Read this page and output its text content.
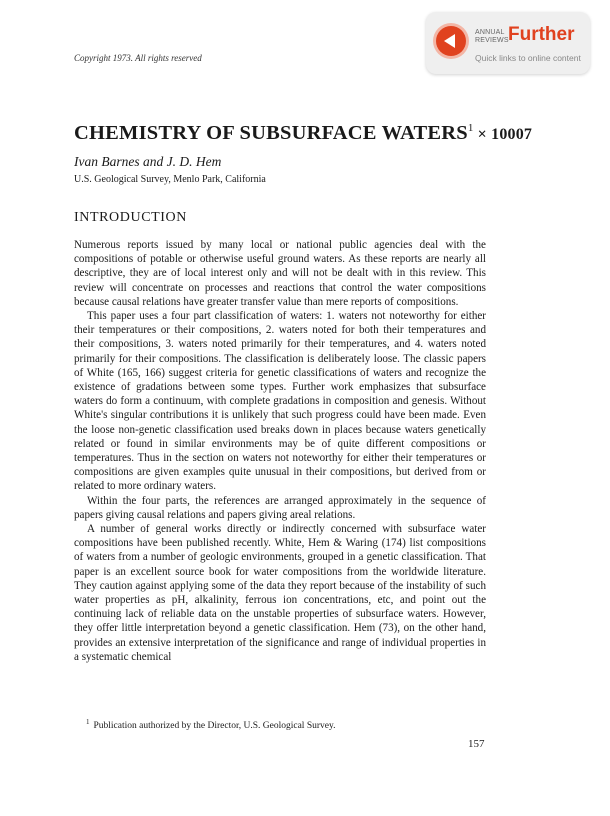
Copyright 1973. All rights reserved
ANNUAL
REVIEWS Further
Quick links to online content
CHEMISTRY OF SUBSURFACE $WATERS^1 \times 10007$
Ivan Barnes and J. D. Hem
U.S. Geological Survey, Menlo Park, California
INTRODUCTION

Numerous reports issued by many local or national public agencies deal with the compositions of potable or otherwise useful ground waters. As these reports are nearly all descriptive, they are of local interest only and will not be dealt with in this review. This review will concentrate on processes and reactions that control the water compositions because causal relations have greater transfer value than mere reports of compositions.

This paper uses a four part classification of waters: 1. waters not noteworthy for either their temperatures or their compositions, 2. waters noted for both their temperatures and their compositions, 3. waters noted primarily for their temperatures, and 4. waters noted primarily for their compositions. The classification is deliberately loose. The classic papers of White (165, 166) suggest criteria for genetic classifications of waters and recognize the existence of gradations between some types. Further work emphasizes that subsurface waters do form a continuum, with complete gradations in composition and genesis. Without White's singular contributions it is unlikely that such progress could have been made. Even the loose non-genetic classification used breaks down in places because waters genetically related or found in similar environments may be of quite different compositions or temperatures. Thus in the section on waters not noteworthy for either their temperatures or compositions are given examples quite unusual in their compositions, but derived from or related to more ordinary waters.

Within the four parts, the references are arranged approximately in the sequence of papers giving causal relations and papers giving areal relations.

A number of general works directly or indirectly concerned with subsurface water compositions have been published recently. White, Hem & Waring (174) list compositions of waters from a number of geologic environments, grouped in a genetic classification. That paper is an excellent source book for water compositions from the worldwide literature. They caution against applying some of the data they report because of the instability of such water properties as pH, alkalinity, ferrous ion concentrations, etc, and point out the continuing lack of reliable data on the unstable properties of subsurface waters. However, they offer little interpretation beyond a genetic classification. Hem (73), on the other hand, provides an extensive interpretation of the significance and range of individual properties in a systematic chemical

$^1$ Publication authorized by the Director, U.S. Geological Survey.
157
